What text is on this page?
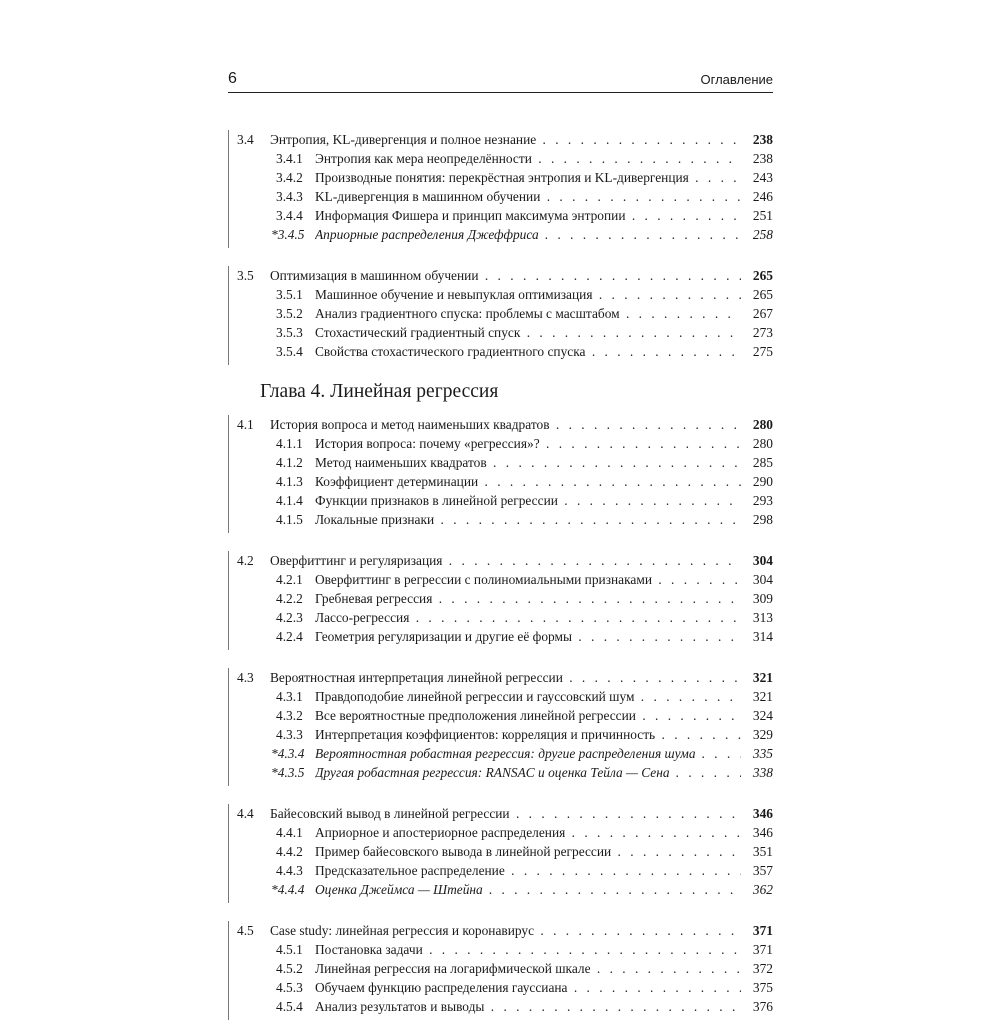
6	Оглавление
3.4 Энтропия, KL-дивергенция и полное незнание . . .	238
3.4.1 Энтропия как мера неопределённости . . .	238
3.4.2 Производные понятия: перекрёстная энтропия и KL-дивергенция . . .	243
3.4.3 KL-дивергенция в машинном обучении . . .	246
3.4.4 Информация Фишера и принцип максимума энтропии . . .	251
*3.4.5 Априорные распределения Джеффриса . . .	258
3.5 Оптимизация в машинном обучении . . .	265
3.5.1 Машинное обучение и невыпуклая оптимизация . . .	265
3.5.2 Анализ градиентного спуска: проблемы с масштабом . . .	267
3.5.3 Стохастический градиентный спуск . . .	273
3.5.4 Свойства стохастического градиентного спуска . . .	275
Глава 4. Линейная регрессия
4.1 История вопроса и метод наименьших квадратов . . .	280
4.1.1 История вопроса: почему «регрессия»? . . .	280
4.1.2 Метод наименьших квадратов . . .	285
4.1.3 Коэффициент детерминации . . .	290
4.1.4 Функции признаков в линейной регрессии . . .	293
4.1.5 Локальные признаки . . .	298
4.2 Оверфиттинг и регуляризация . . .	304
4.2.1 Оверфиттинг в регрессии с полиномиальными признаками . . .	304
4.2.2 Гребневая регрессия . . .	309
4.2.3 Лассо-регрессия . . .	313
4.2.4 Геометрия регуляризации и другие её формы . . .	314
4.3 Вероятностная интерпретация линейной регрессии . . .	321
4.3.1 Правдоподобие линейной регрессии и гауссовский шум . . .	321
4.3.2 Все вероятностные предположения линейной регрессии . . .	324
4.3.3 Интерпретация коэффициентов: корреляция и причинность . . .	329
*4.3.4 Вероятностная робастная регрессия: другие распределения шума . . .	335
*4.3.5 Другая робастная регрессия: RANSAC и оценка Тейла — Сена . . .	338
4.4 Байесовский вывод в линейной регрессии . . .	346
4.4.1 Априорное и апостериорное распределения . . .	346
4.4.2 Пример байесовского вывода в линейной регрессии . . .	351
4.4.3 Предсказательное распределение . . .	357
*4.4.4 Оценка Джеймса — Штейна . . .	362
4.5 Case study: линейная регрессия и коронавирус . . .	371
4.5.1 Постановка задачи . . .	371
4.5.2 Линейная регрессия на логарифмической шкале . . .	372
4.5.3 Обучаем функцию распределения гауссиана . . .	375
4.5.4 Анализ результатов и выводы . . .	376
